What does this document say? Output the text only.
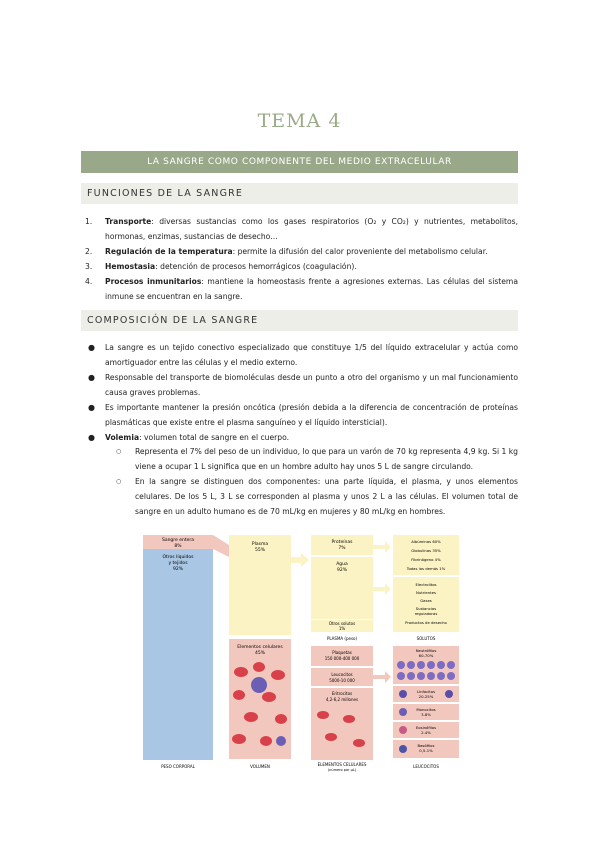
TEMA 4
LA SANGRE COMO COMPONENTE DEL MEDIO EXTRACELULAR
FUNCIONES DE LA SANGRE
1. Transporte: diversas sustancias como los gases respiratorios (O₂ y CO₂) y nutrientes, metabolitos, hormonas, enzimas, sustancias de desecho…
2. Regulación de la temperatura: permite la difusión del calor proveniente del metabolismo celular.
3. Hemostasia: detención de procesos hemorrágicos (coagulación).
4. Procesos inmunitarios: mantiene la homeostasis frente a agresiones externas. Las células del sistema inmune se encuentran en la sangre.
COMPOSICIÓN DE LA SANGRE
● La sangre es un tejido conectivo especializado que constituye 1/5 del líquido extracelular y actúa como amortiguador entre las células y el medio externo.
● Responsable del transporte de biomoléculas desde un punto a otro del organismo y un mal funcionamiento causa graves problemas.
● Es importante mantener la presión oncótica (presión debida a la diferencia de concentración de proteínas plasmáticas que existe entre el plasma sanguíneo y el líquido intersticial).
● Volemia: volumen total de sangre en el cuerpo.
○ Representa el 7% del peso de un individuo, lo que para un varón de 70 kg representa 4,9 kg. Si 1 kg viene a ocupar 1 L significa que en un hombre adulto hay unos 5 L de sangre circulando.
○ En la sangre se distinguen dos componentes: una parte líquida, el plasma, y unos elementos celulares. De los 5 L, 3 L se corresponden al plasma y unos 2 L a las células. El volumen total de sangre en un adulto humano es de 70 mL/kg en mujeres y 80 mL/kg en hombres.
Sangre entera
8%
Otros líquidos
y tejidos
92%
Plasma
55%
Elementos celulares
45%
Proteínas
7%
Agua
92%
Otros solutos
1%
PLASMA (peso)
Plaquetas
150 000-400 000
Leucocitos
5000-10 000
Eritrocitos
4,2-6,2 millones
Albúminas 60%
Globulinas 35%
Fibrinógeno 4%
Todas los demás 1%
Electrolitos
Nutrientes
Gases
Sustancias
reguladoras
Productos de desecho
SOLUTOS
Neutrófilos
60-70%
Linfocitos
20-25%
Monocitos
3-8%
Eosinófilos
2-4%
Basófilos
0,5-1%
PESO CORPORAL	VOLUMEN	ELEMENTOS CELULARES
(número por μL)
LEUCOCITOS
